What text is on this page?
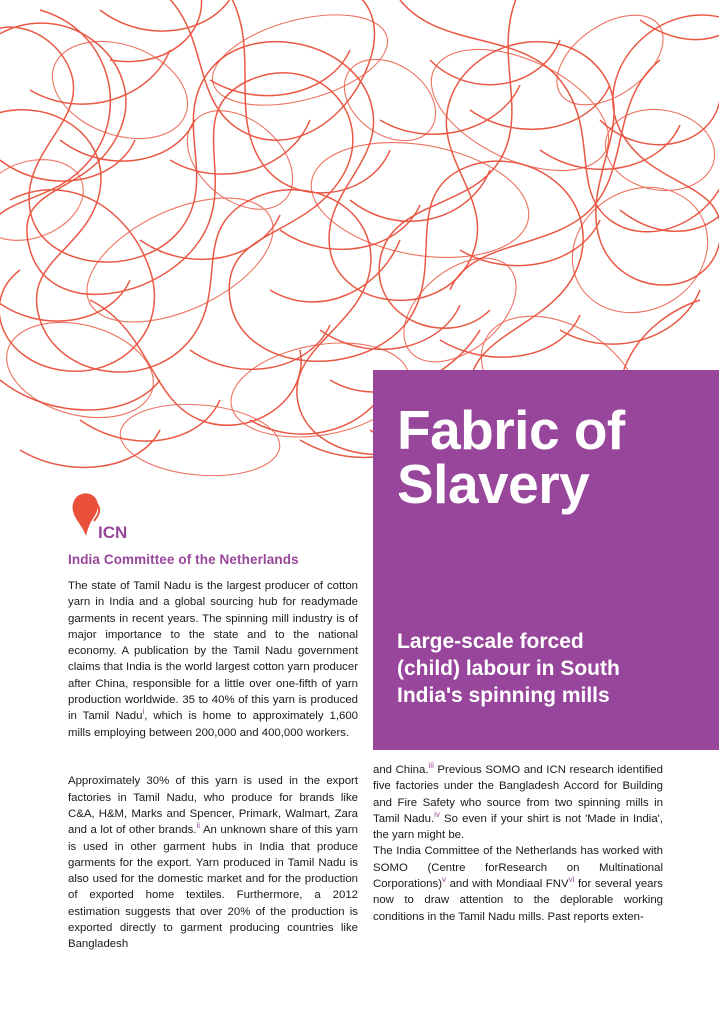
Fabric of
Slavery
Large-scale forced
(child) labour in South
India's spinning mills
ICN
India Committee of the Netherlands

The state of Tamil Nadu is the largest producer of cotton yarn in India and a global sourcing hub for readymade garments in recent years. The spinning mill industry is of major importance to the state and to the national economy. A publication by the Tamil Nadu government claims that India is the world largest cotton yarn producer after China, responsible for a little over one-fifth of yarn production worldwide. 35 to 40% of this yarn is produced in Tamil Nadu$^i$, which is home to approximately 1,600 mills employing between 200,000 and 400,000 workers.

Approximately 30% of this yarn is used in the export factories in Tamil Nadu, who produce for brands like C&A, H&M, Marks and Spencer, Primark, Walmart, Zara and a lot of other brands.$^{ii}$ An unknown share of this yarn is used in other garment hubs in India that produce garments for the export. Yarn produced in Tamil Nadu is also used for the domestic market and for the production of exported home textiles. Furthermore, a 2012 estimation suggests that over 20% of the production is exported directly to garment producing countries like Bangladesh

and China.$^{iii}$ Previous SOMO and ICN research identified five factories under the Bangladesh Accord for Building and Fire Safety who source from two spinning mills in Tamil Nadu.$^{iv}$ So even if your shirt is not 'Made in India', the yarn might be.

The India Committee of the Netherlands has worked with SOMO (Centre forResearch on Multinational Corporations)$^v$ and with Mondiaal FNV$^{vi}$ for several years now to draw attention to the deplorable working conditions in the Tamil Nadu mills. Past reports exten-
